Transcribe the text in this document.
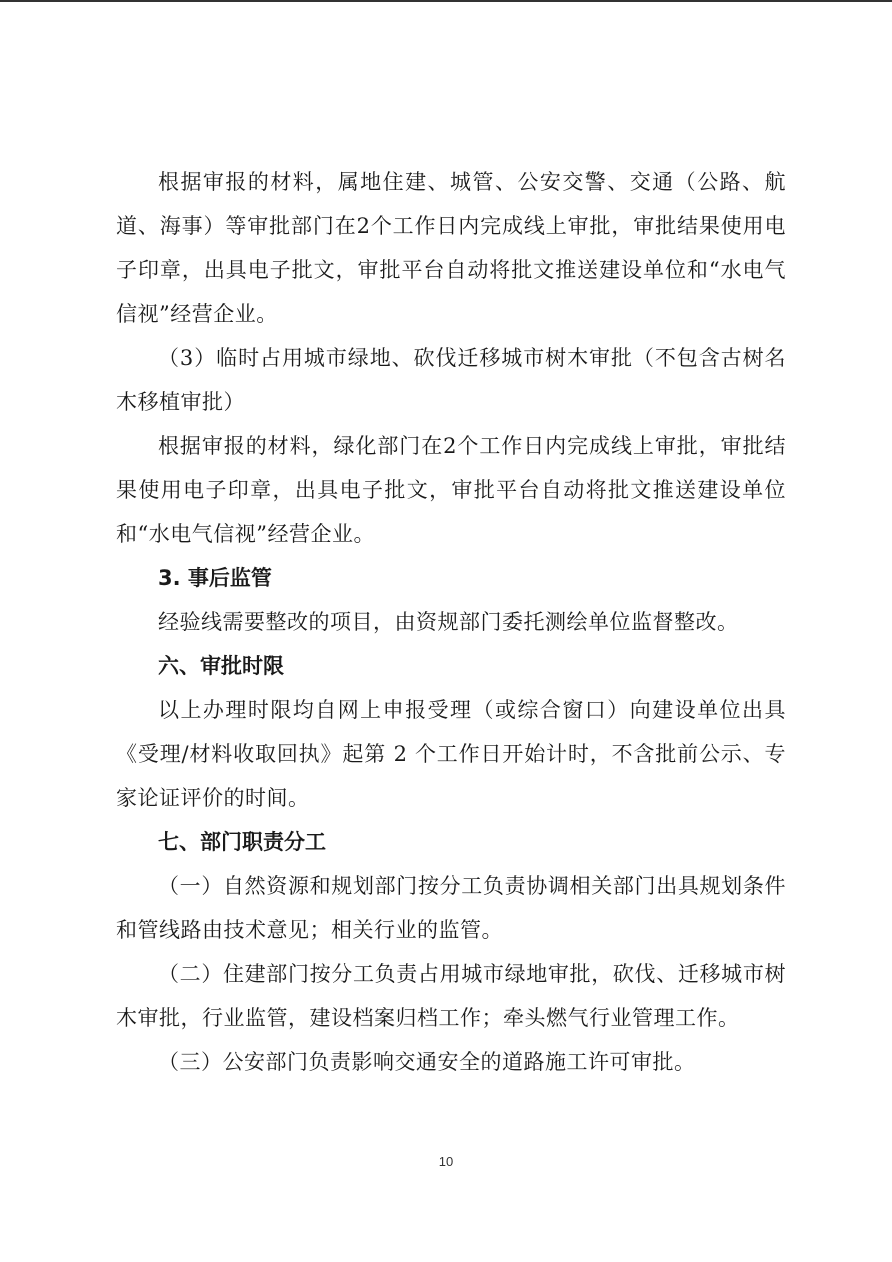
根据审报的材料，属地住建、城管、公安交警、交通（公路、航道、海事）等审批部门在2个工作日内完成线上审批，审批结果使用电子印章，出具电子批文，审批平台自动将批文推送建设单位和“水电气信视”经营企业。

（3）临时占用城市绿地、砍伐迁移城市树木审批（不包含古树名木移植审批）

根据审报的材料，绿化部门在2个工作日内完成线上审批，审批结果使用电子印章，出具电子批文，审批平台自动将批文推送建设单位和“水电气信视”经营企业。

3. 事后监管

经验线需要整改的项目，由资规部门委托测绘单位监督整改。

六、审批时限

以上办理时限均自网上申报受理（或综合窗口）向建设单位出具《受理/材料收取回执》起第 2 个工作日开始计时，不含批前公示、专家论证评价的时间。

七、部门职责分工

（一）自然资源和规划部门按分工负责协调相关部门出具规划条件和管线路由技术意见；相关行业的监管。

（二）住建部门按分工负责占用城市绿地审批，砍伐、迁移城市树木审批，行业监管，建设档案归档工作；牵头燃气行业管理工作。

（三）公安部门负责影响交通安全的道路施工许可审批。

10
